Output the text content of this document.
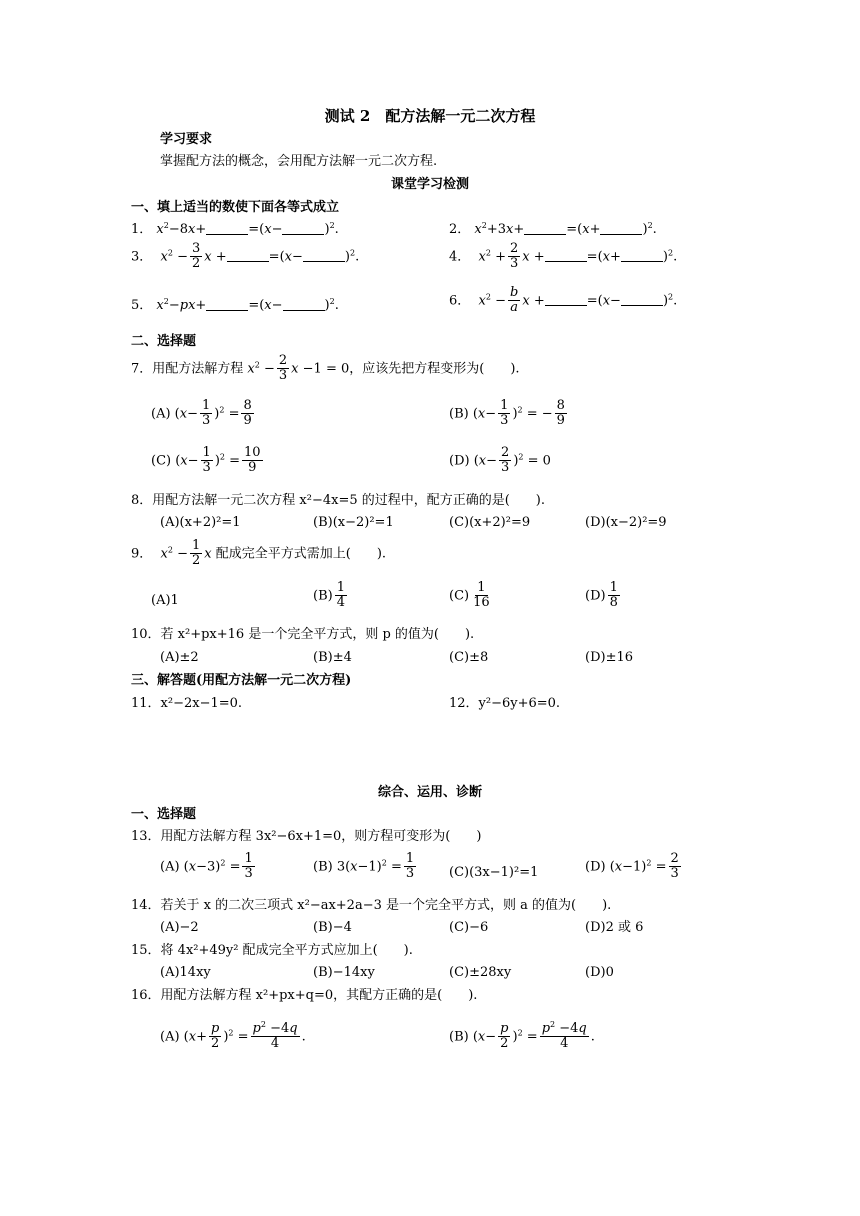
测试 2　配方法解一元二次方程
学习要求
掌握配方法的概念，会用配方法解一元二次方程.
课堂学习检测
一、填上适当的数使下面各等式成立
1． $x^2-8x+$	=(x−	)$^2$.	2． $x^2+3x+$	=(x+	)$^2$.
3．  $x^2 - \frac{3}{2}$ x +	=(x−	)$^2$.	4．  $x^2 + \frac{2}{3}$ x +	=(x+	)$^2$.
5． $x^2-px+$	=(x−	)$^2$.	6．  $x^2 - \frac{b}{a}$ x +	=(x−	)$^2$.
二、选择题
7．用配方法解方程 $x^2 - \frac{2}{3}$ x −1 = 0，应该先把方程变形为(　　).
(A) $(x- \frac{1}{3} )^2 = \frac{8}{9}$	(B) $(x- \frac{1}{3} )^2$ = − $\frac{8}{9}$
(C) $(x- \frac{1}{3} )^2 = \frac{10}{9}$	(D) $(x- \frac{2}{3} )^2 = 0$
8．用配方法解一元二次方程 x²−4x=5 的过程中，配方正确的是(　　).
(A)(x+2)²=1	(B)(x−2)²=1	(C)(x+2)²=9	(D)(x−2)²=9
9．  $x^2 - \frac{1}{2}$ x 配成完全平方式需加上(　　).
(A)1	$(B) \frac{1}{4}$	$(C) \frac{1}{16}$	$(D) \frac{1}{8}$
10．若 x²+px+16 是一个完全平方式，则 p 的值为(　　).
(A)±2	(B)±4	(C)±8	(D)±16
三、解答题(用配方法解一元二次方程)
11．x²−2x−1=0.	12．y²−6y+6=0.
综合、运用、诊断
一、选择题
13．用配方法解方程 3x²−6x+1=0，则方程可变形为(　　)
(A) $(x-3)^2 = \frac{1}{3}$	(B) $3(x-1)^2 = \frac{1}{3}$	(C)(3x−1)²=1	(D) $(x-1)^2 = \frac{2}{3}$
14．若关于 x 的二次三项式 x²−ax+2a−3 是一个完全平方式，则 a 的值为(　　).
(A)−2	(B)−4	(C)−6	(D)2 或 6
15．将 4x²+49y² 配成完全平方式应加上(　　).
(A)14xy	(B)−14xy	(C)±28xy	(D)0
16．用配方法解方程 x²+px+q=0，其配方正确的是(　　).
(A) $(x+ \frac{p}{2} )^2 = \frac{p^2 -4q}{4}$ .	(B) $(x- \frac{p}{2} )^2 = \frac{p^2 -4q}{4}$ .
